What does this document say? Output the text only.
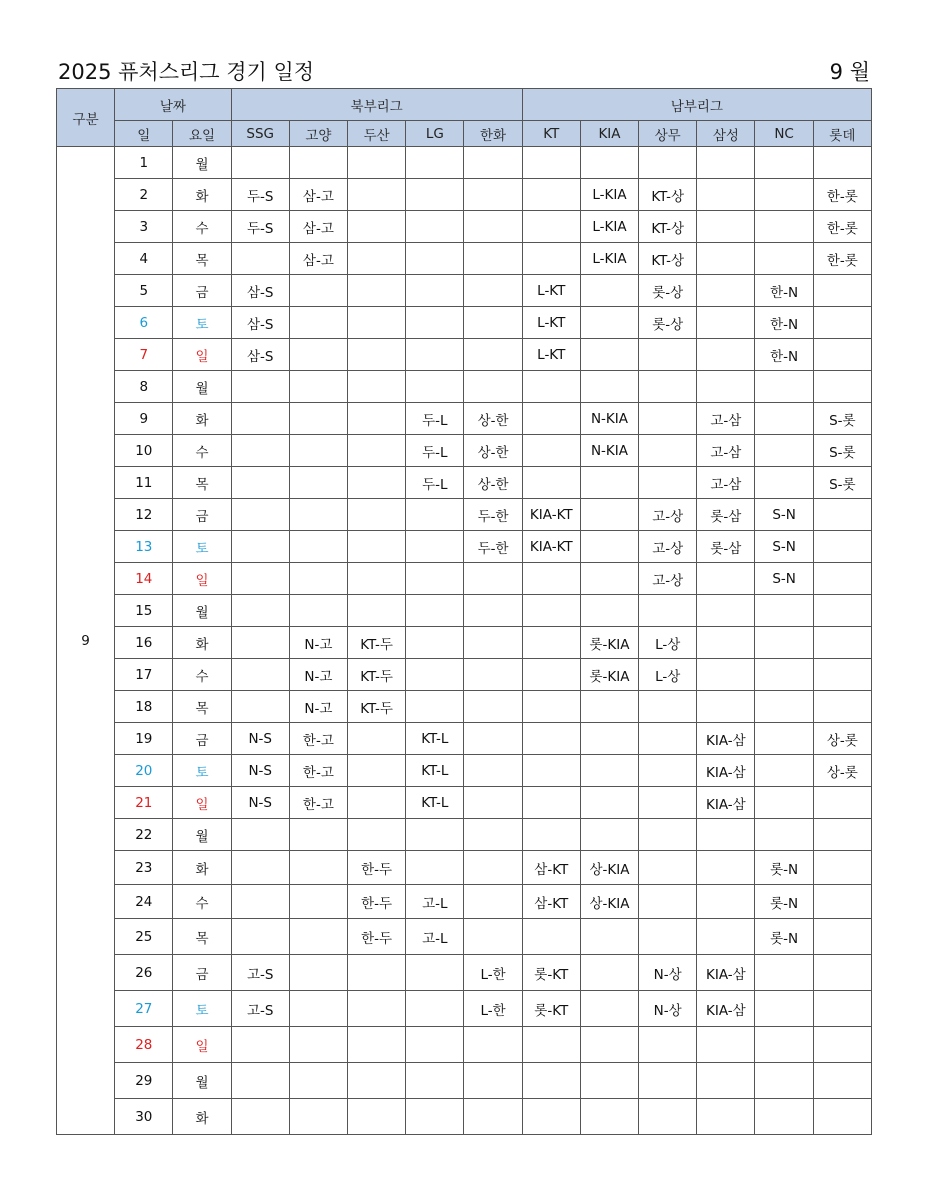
2025 퓨처스리그 경기 일정	9 월
구분	날짜		북부리그					남부리그					
	일	요일	SSG	고양	두산	LG	한화	KT	KIA	상무	삼성	NC	롯데
9	1	월											
	2	화	두-S	삼-고					L-KIA	KT-상			한-롯
	3	수	두-S	삼-고					L-KIA	KT-상			한-롯
	4	목		삼-고					L-KIA	KT-상			한-롯
	5	금	삼-S					L-KT		롯-상		한-N	
	6	토	삼-S					L-KT		롯-상		한-N	
	7	일	삼-S					L-KT				한-N	
	8	월											
	9	화				두-L	상-한		N-KIA		고-삼		S-롯
	10	수				두-L	상-한		N-KIA		고-삼		S-롯
	11	목				두-L	상-한				고-삼		S-롯
	12	금					두-한	KIA-KT		고-상	롯-삼	S-N	
	13	토					두-한	KIA-KT		고-상	롯-삼	S-N	
	14	일								고-상		S-N	
	15	월											
	16	화		N-고	KT-두				롯-KIA	L-상			
	17	수		N-고	KT-두				롯-KIA	L-상			
	18	목		N-고	KT-두								
	19	금	N-S	한-고		KT-L					KIA-삼		상-롯
	20	토	N-S	한-고		KT-L					KIA-삼		상-롯
	21	일	N-S	한-고		KT-L					KIA-삼		
	22	월											
	23	화			한-두			삼-KT	상-KIA			롯-N	
	24	수			한-두	고-L		삼-KT	상-KIA			롯-N	
	25	목			한-두	고-L						롯-N	
	26	금	고-S				L-한	롯-KT		N-상	KIA-삼		
	27	토	고-S				L-한	롯-KT		N-상	KIA-삼		
	28	일											
	29	월											
	30	화											
